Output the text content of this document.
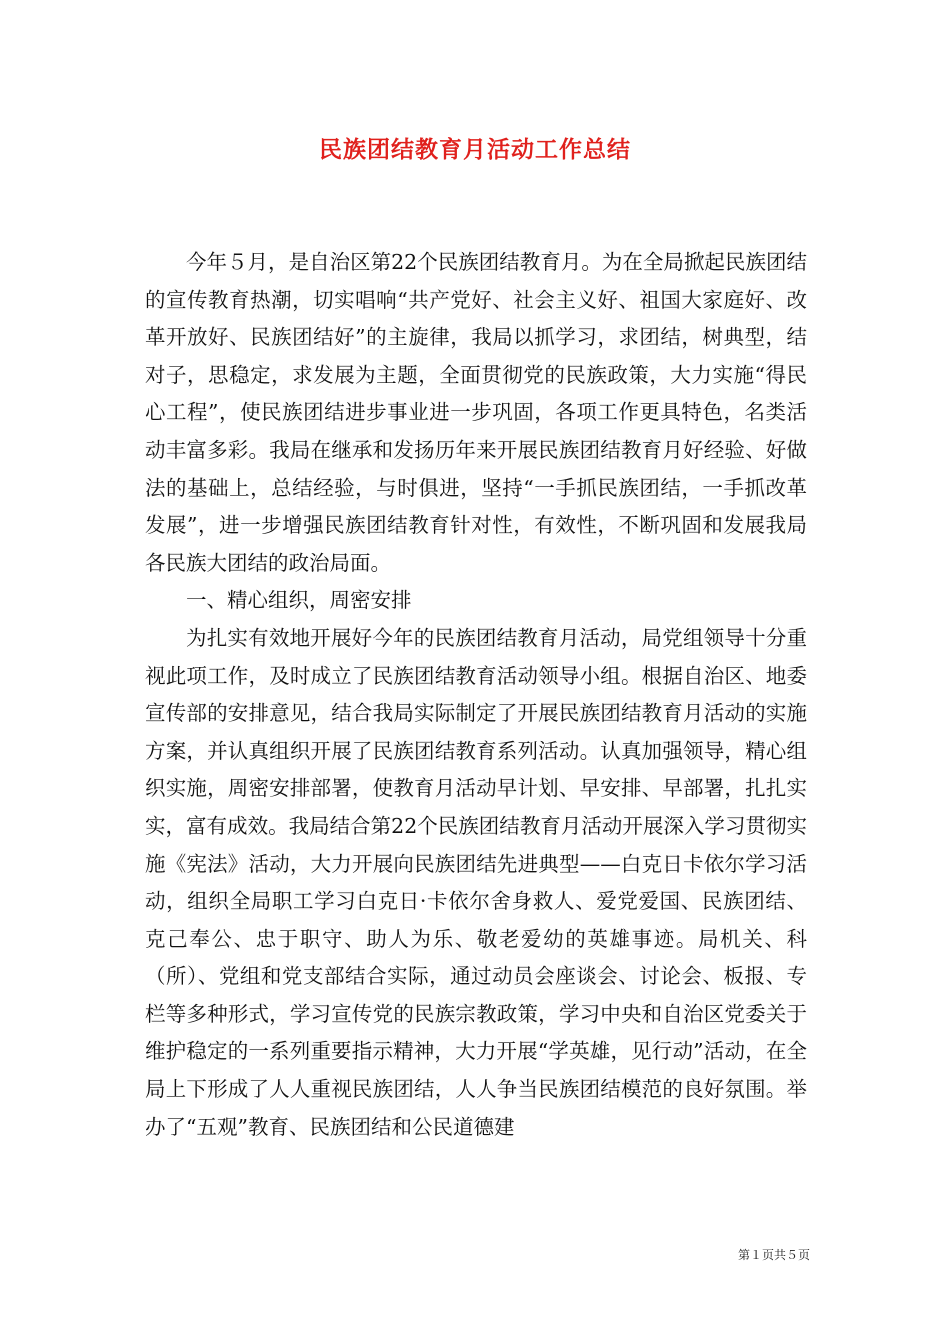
民族团结教育月活动工作总结

今年５月，是自治区第22个民族团结教育月。为在全局掀起民族团结的宣传教育热潮，切实唱响“共产党好、社会主义好、祖国大家庭好、改革开放好、民族团结好”的主旋律，我局以抓学习，求团结，树典型，结对子，思稳定，求发展为主题，全面贯彻党的民族政策，大力实施“得民心工程”，使民族团结进步事业进一步巩固，各项工作更具特色，名类活动丰富多彩。我局在继承和发扬历年来开展民族团结教育月好经验、好做法的基础上，总结经验，与时俱进，坚持“一手抓民族团结，一手抓改革发展”，进一步增强民族团结教育针对性，有效性，不断巩固和发展我局各民族大团结的政治局面。

一、精心组织，周密安排

为扎实有效地开展好今年的民族团结教育月活动，局党组领导十分重视此项工作，及时成立了民族团结教育活动领导小组。根据自治区、地委宣传部的安排意见，结合我局实际制定了开展民族团结教育月活动的实施方案，并认真组织开展了民族团结教育系列活动。认真加强领导，精心组织实施，周密安排部署，使教育月活动早计划、早安排、早部署，扎扎实实，富有成效。我局结合第22个民族团结教育月活动开展深入学习贯彻实施《宪法》活动，大力开展向民族团结先进典型——白克日卡依尔学习活动，组织全局职工学习白克日·卡依尔舍身救人、爱党爱国、民族团结、克己奉公、忠于职守、助人为乐、敬老爱幼的英雄事迹。局机关、科（所）、党组和党支部结合实际，通过动员会座谈会、讨论会、板报、专栏等多种形式，学习宣传党的民族宗教政策，学习中央和自治区党委关于维护稳定的一系列重要指示精神，大力开展“学英雄，见行动”活动，在全局上下形成了人人重视民族团结，人人争当民族团结模范的良好氛围。举办了“五观”教育、民族团结和公民道德建

第１页共５页
